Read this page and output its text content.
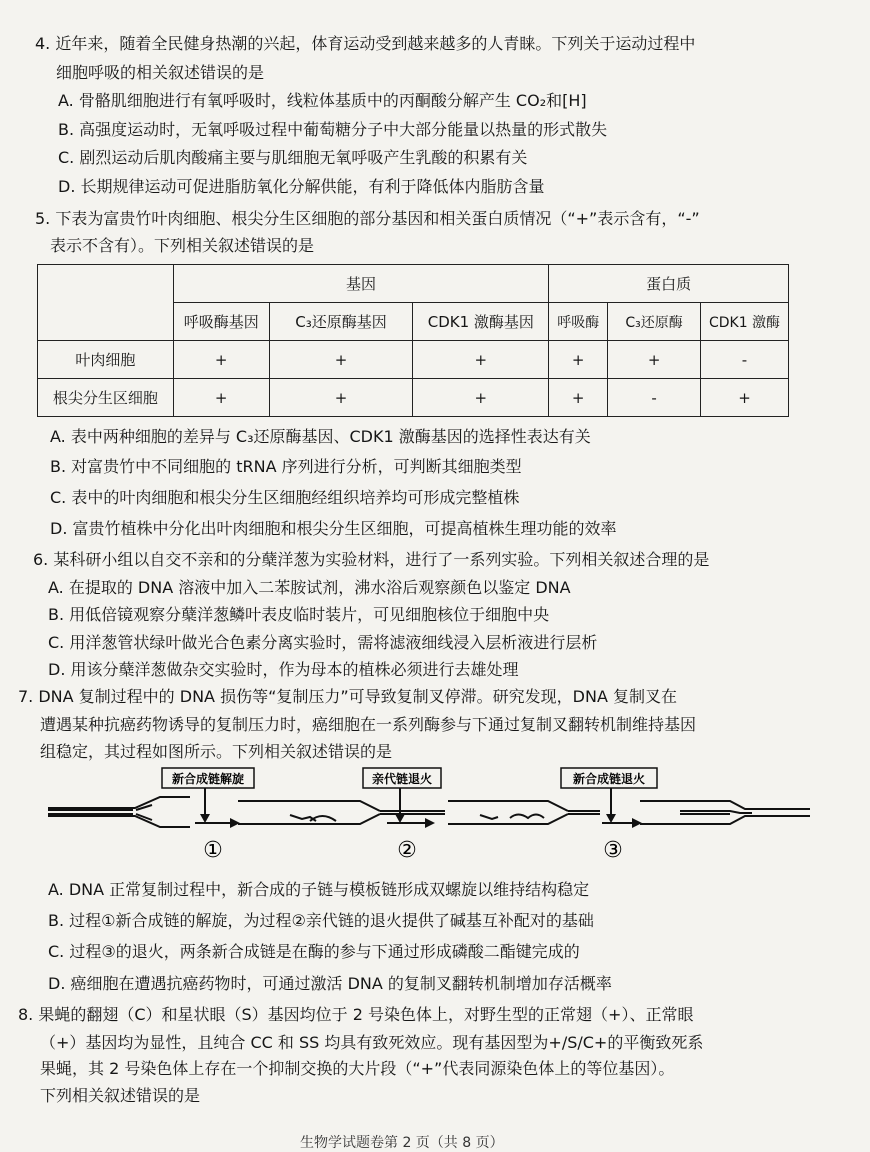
4. 近年来，随着全民健身热潮的兴起，体育运动受到越来越多的人青睐。下列关于运动过程中
细胞呼吸的相关叙述错误的是
A. 骨骼肌细胞进行有氧呼吸时，线粒体基质中的丙酮酸分解产生 CO₂和[H]
B. 高强度运动时，无氧呼吸过程中葡萄糖分子中大部分能量以热量的形式散失
C. 剧烈运动后肌肉酸痛主要与肌细胞无氧呼吸产生乳酸的积累有关
D. 长期规律运动可促进脂肪氧化分解供能，有利于降低体内脂肪含量
5. 下表为富贵竹叶肉细胞、根尖分生区细胞的部分基因和相关蛋白质情况（“+”表示含有，“-”
表示不含有）。下列相关叙述错误的是
	基因			蛋白质		
	呼吸酶基因	C₃还原酶基因	CDK1 激酶基因	呼吸酶	C₃还原酶	CDK1 激酶
叶肉细胞	+	+	+	+	+	-
根尖分生区细胞	+	+	+	+	-	+
A. 表中两种细胞的差异与 C₃还原酶基因、CDK1 激酶基因的选择性表达有关
B. 对富贵竹中不同细胞的 tRNA 序列进行分析，可判断其细胞类型
C. 表中的叶肉细胞和根尖分生区细胞经组织培养均可形成完整植株
D. 富贵竹植株中分化出叶肉细胞和根尖分生区细胞，可提高植株生理功能的效率
6. 某科研小组以自交不亲和的分蘖洋葱为实验材料，进行了一系列实验。下列相关叙述合理的是
A. 在提取的 DNA 溶液中加入二苯胺试剂，沸水浴后观察颜色以鉴定 DNA
B. 用低倍镜观察分蘖洋葱鳞叶表皮临时装片，可见细胞核位于细胞中央
C. 用洋葱管状绿叶做光合色素分离实验时，需将滤液细线浸入层析液进行层析
D. 用该分蘖洋葱做杂交实验时，作为母本的植株必须进行去雄处理
7. DNA 复制过程中的 DNA 损伤等“复制压力”可导致复制叉停滞。研究发现，DNA 复制叉在
遭遇某种抗癌药物诱导的复制压力时，癌细胞在一系列酶参与下通过复制叉翻转机制维持基因
组稳定，其过程如图所示。下列相关叙述错误的是
新合成链解旋	亲代链退火	新合成链退火
①	②	③
A. DNA 正常复制过程中，新合成的子链与模板链形成双螺旋以维持结构稳定
B. 过程①新合成链的解旋，为过程②亲代链的退火提供了碱基互补配对的基础
C. 过程③的退火，两条新合成链是在酶的参与下通过形成磷酸二酯键完成的
D. 癌细胞在遭遇抗癌药物时，可通过激活 DNA 的复制叉翻转机制增加存活概率
8. 果蝇的翻翅（C）和星状眼（S）基因均位于 2 号染色体上，对野生型的正常翅（+）、正常眼
（+）基因均为显性，且纯合 CC 和 SS 均具有致死效应。现有基因型为+/S/C+的平衡致死系
果蝇，其 2 号染色体上存在一个抑制交换的大片段（“+”代表同源染色体上的等位基因）。
下列相关叙述错误的是
生物学试题卷第 2 页（共 8 页）
